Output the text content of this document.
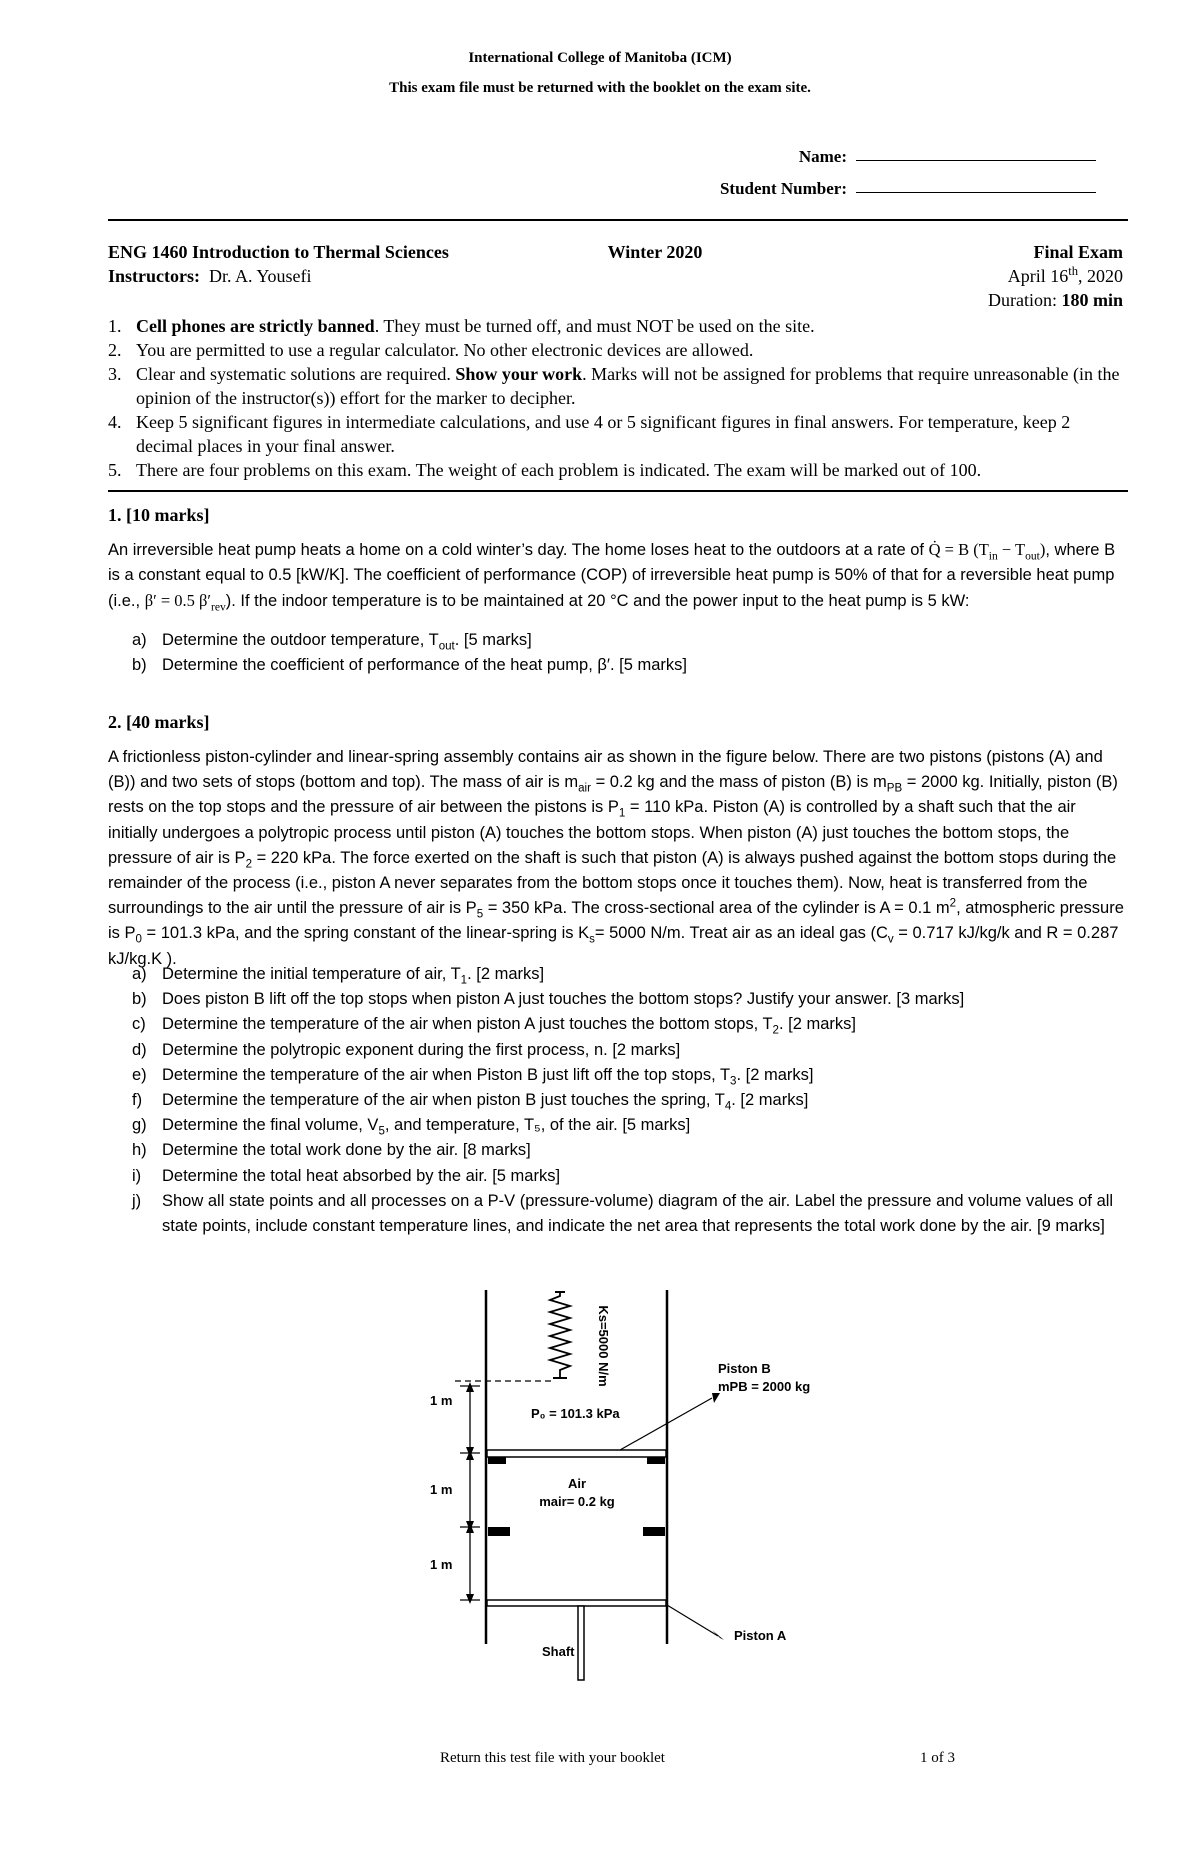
International College of Manitoba (ICM)
This exam file must be returned with the booklet on the exam site.
Name:
Student Number:
ENG 1460 Introduction to Thermal Sciences	Winter 2020	Final Exam
Instructors: Dr. A. Yousefi	April 16th, 2020
Duration: 180 min
1. Cell phones are strictly banned. They must be turned off, and must NOT be used on the site.
2. You are permitted to use a regular calculator. No other electronic devices are allowed.
3. Clear and systematic solutions are required. Show your work. Marks will not be assigned for problems that require unreasonable (in the opinion of the instructor(s)) effort for the marker to decipher.
4. Keep 5 significant figures in intermediate calculations, and use 4 or 5 significant figures in final answers. For temperature, keep 2 decimal places in your final answer.
5. There are four problems on this exam. The weight of each problem is indicated. The exam will be marked out of 100.
1. [10 marks]

An irreversible heat pump heats a home on a cold winter’s day. The home loses heat to the outdoors at a rate of Q̇ = B $(T_{in} - T_{out})$, where B is a constant equal to 0.5 [kW/K]. The coefficient of performance (COP) of irreversible heat pump is 50% of that for a reversible heat pump (i.e., β′ = 0.5 $\beta'_{rev}$). If the indoor temperature is to be maintained at 20 °C and the power input to the heat pump is 5 kW:

a) Determine the outdoor temperature, $T_{out}$. [5 marks]
b) Determine the coefficient of performance of the heat pump, β′. [5 marks]
2. [40 marks]

A frictionless piston-cylinder and linear-spring assembly contains air as shown in the figure below. There are two pistons (pistons (A) and (B)) and two sets of stops (bottom and top). The mass of air is $m_{air} = 0.2$ kg and the mass of piston (B) is $m_{PB} = 2000$ kg. Initially, piston (B) rests on the top stops and the pressure of air between the pistons is $P_1 = 110$ kPa. Piston (A) is controlled by a shaft such that the air initially undergoes a polytropic process until piston (A) touches the bottom stops. When piston (A) just touches the bottom stops, the pressure of air is $P_2 = 220$ kPa. The force exerted on the shaft is such that piston (A) is always pushed against the bottom stops during the remainder of the process (i.e., piston A never separates from the bottom stops once it touches them). Now, heat is transferred from the surroundings to the air until the pressure of air is $P_5 = 350$ kPa. The cross-sectional area of the cylinder is A = 0.1 $m^2$, atmospheric pressure is $P_0 = 101.3$ kPa, and the spring constant of the linear-spring is $K_s= 5000$ N/m. Treat air as an ideal gas ($C_v = 0.717$ kJ/kg/k and R = 0.287 kJ/kg.K ).

a) Determine the initial temperature of air, $T_1$. [2 marks]
b) Does piston B lift off the top stops when piston A just touches the bottom stops? Justify your answer. [3 marks]
c) Determine the temperature of the air when piston A just touches the bottom stops, $T_2$. [2 marks]
d) Determine the polytropic exponent during the first process, n. [2 marks]
e) Determine the temperature of the air when Piston B just lift off the top stops, $T_3$. [2 marks]
f) Determine the temperature of the air when piston B just touches the spring, $T_4$. [2 marks]
g) Determine the final volume, $V_5$, and temperature, T₅, of the air. [5 marks]
h) Determine the total work done by the air. [8 marks]
i) Determine the total heat absorbed by the air. [5 marks]
j) Show all state points and all processes on a P-V (pressure-volume) diagram of the air. Label the pressure and volume values of all state points, include constant temperature lines, and indicate the net area that represents the total work done by the air. [9 marks]
Ks=5000 N/m	Piston B
mPB = 2000 kg
P₀ = 101.3 kPa
Air
mair= 0.2 kg
1 m
1 m
1 m
Shaft
Piston A
Return this test file with your booklet	1 of 3
